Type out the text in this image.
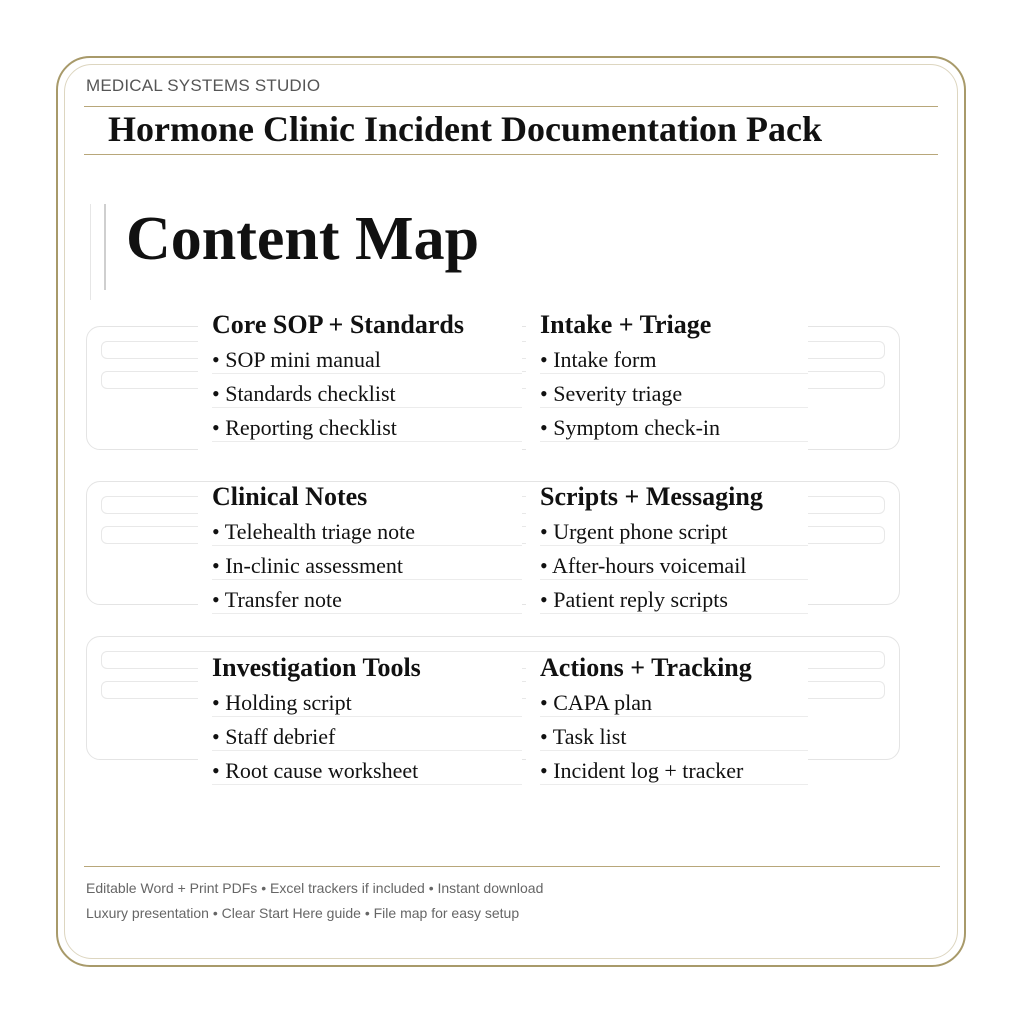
MEDICAL SYSTEMS STUDIO
Hormone Clinic Incident Documentation Pack
Content Map
Core SOP + Standards
• SOP mini manual
• Standards checklist
• Reporting checklist
Intake + Triage
• Intake form
• Severity triage
• Symptom check-in
Clinical Notes
• Telehealth triage note
• In-clinic assessment
• Transfer note
Scripts + Messaging
• Urgent phone script
• After-hours voicemail
• Patient reply scripts
Investigation Tools
• Holding script
• Staff debrief
• Root cause worksheet
Actions + Tracking
• CAPA plan
• Task list
• Incident log + tracker
Editable Word + Print PDFs • Excel trackers if included • Instant download
Luxury presentation • Clear Start Here guide • File map for easy setup
